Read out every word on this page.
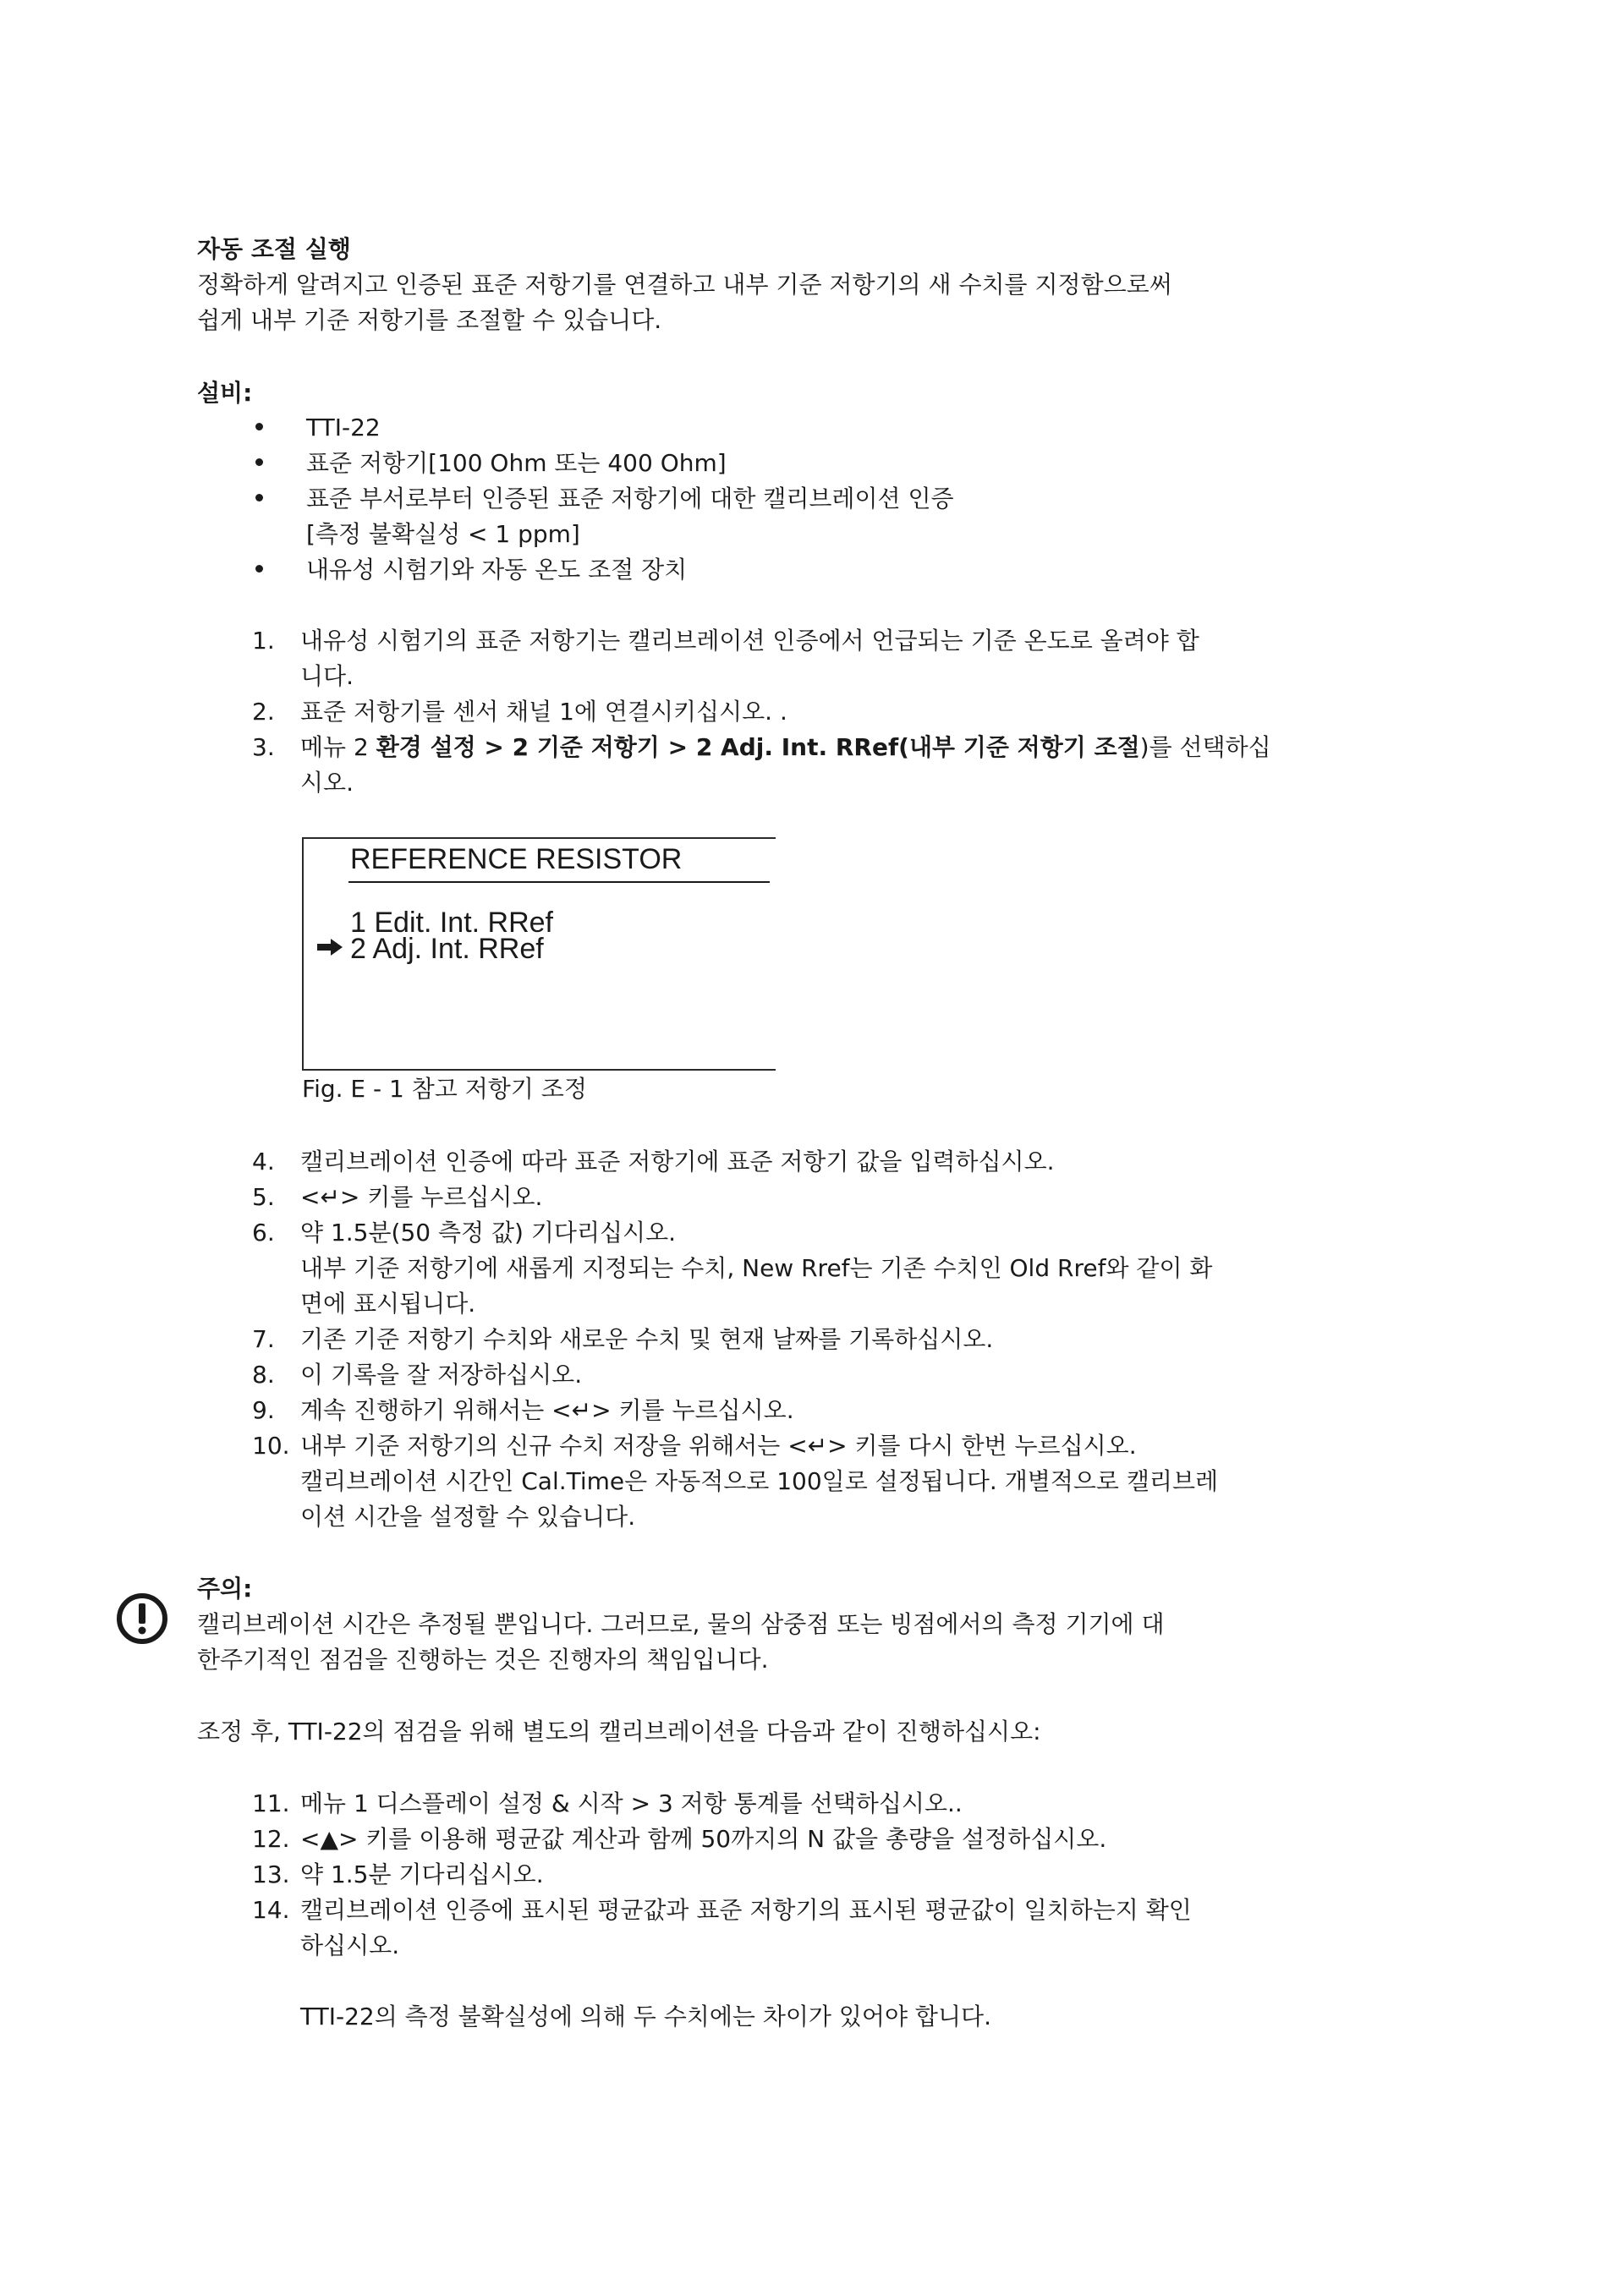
자동 조절 실행
정확하게 알려지고 인증된 표준 저항기를 연결하고 내부 기준 저항기의 새 수치를 지정함으로써
쉽게 내부 기준 저항기를 조절할 수 있습니다.
설비:
TTI-22
표준 저항기[100 Ohm 또는 400 Ohm]
표준 부서로부터 인증된 표준 저항기에 대한 캘리브레이션 인증
[측정 불확실성 < 1 ppm]
내유성 시험기와 자동 온도 조절 장치
1. 내유성 시험기의 표준 저항기는 캘리브레이션 인증에서 언급되는 기준 온도로 올려야 합
니다.
2. 표준 저항기를 센서 채널 1에 연결시키십시오. .
3. 메뉴 2 환경 설정 > 2 기준 저항기 > 2 Adj. Int. RRef(내부 기준 저항기 조절)를 선택하십
시오.
REFERENCE RESISTOR
1 Edit. Int. RRef
2 Adj. Int. RRef
Fig. E - 1 참고 저항기 조정
4. 캘리브레이션 인증에 따라 표준 저항기에 표준 저항기 값을 입력하십시오.
5. <↵> 키를 누르십시오.
6. 약 1.5분(50 측정 값) 기다리십시오.
내부 기준 저항기에 새롭게 지정되는 수치, New Rref는 기존 수치인 Old Rref와 같이 화
면에 표시됩니다.
7. 기존 기준 저항기 수치와 새로운 수치 및 현재 날짜를 기록하십시오.
8. 이 기록을 잘 저장하십시오.
9. 계속 진행하기 위해서는 <↵> 키를 누르십시오.
10. 내부 기준 저항기의 신규 수치 저장을 위해서는 <↵> 키를 다시 한번 누르십시오.
캘리브레이션 시간인 Cal.Time은 자동적으로 100일로 설정됩니다. 개별적으로 캘리브레
이션 시간을 설정할 수 있습니다.
주의:
캘리브레이션 시간은 추정될 뿐입니다. 그러므로, 물의 삼중점 또는 빙점에서의 측정 기기에 대
한주기적인 점검을 진행하는 것은 진행자의 책임입니다.
조정 후, TTI-22의 점검을 위해 별도의 캘리브레이션을 다음과 같이 진행하십시오:
11. 메뉴 1 디스플레이 설정 & 시작 > 3 저항 통계를 선택하십시오..
12. <▲> 키를 이용해 평균값 계산과 함께 50까지의 N 값을 총량을 설정하십시오.
13. 약 1.5분 기다리십시오.
14. 캘리브레이션 인증에 표시된 평균값과 표준 저항기의 표시된 평균값이 일치하는지 확인
하십시오.
TTI-22의 측정 불확실성에 의해 두 수치에는 차이가 있어야 합니다.
